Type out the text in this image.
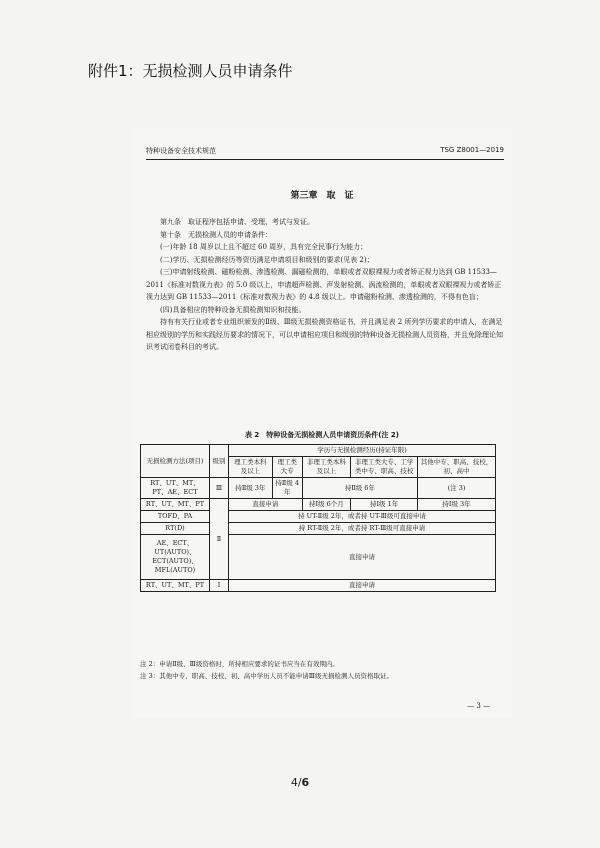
附件1：无损检测人员申请条件
特种设备安全技术规范	TSG Z8001—2019
第三章　取　证

第九条　取证程序包括申请、受理、考试与发证。

第十条　无损检测人员的申请条件：

(一)年龄 18 周岁以上且不超过 60 周岁，具有完全民事行为能力；

(二)学历、无损检测经历等资历满足申请项目和级别的要求(见表 2)；

(三)申请射线检测、磁粉检测、渗透检测、漏磁检测的，单眼或者双眼裸视力或者矫正视力达到 GB 11533—2011《标准对数视力表》的 5.0 级以上，申请超声检测、声发射检测、涡流检测的，单眼或者双眼裸视力或者矫正视力达到 GB 11533—2011《标准对数视力表》的 4.8 级以上。申请磁粉检测、渗透检测的，不得有色盲；

(四)具备相应的特种设备无损检测知识和技能。

持有有关行业或者专业组织颁发的Ⅱ级、Ⅲ级无损检测资格证书，并且满足表 2 所列学历要求的申请人，在满足相应级别的学历和实践经历要求的情况下，可以申请相应项目和级别的特种设备无损检测人员资格，并且免除理论知识考试闭卷科目的考试。

表 2　特种设备无损检测人员申请资历条件(注 2)
无损检测方法(项目)	级别	学历与无损检测经历(持证年限)				
		理工类本科及以上	理工类大专	非理工类本科及以上	非理工类大专、工学类中专、职高、技校	其他中专、职高、技校，初、高中
RT、UT、MT、PT、AE、ECT	Ⅲ	持Ⅱ级 3年	持Ⅱ级 4年	持Ⅱ级 6年		(注 3)
RT、UT、MT、PT	Ⅱ	直接申请		持Ⅰ级 6个月	持Ⅰ级 1年	持Ⅰ级 3年
TOFD、PA		持 UT-Ⅱ级 2年，或者持 UT-Ⅲ级可直接申请				
RT(D)		持 RT-Ⅱ级 2年，或者持 RT-Ⅲ级可直接申请				
AE、ECT、UT(AUTO)、ECT(AUTO)、MFL(AUTO)		直接申请				
RT、UT、MT、PT	Ⅰ	直接申请				

注 2：申请Ⅱ级、Ⅲ级资格时，所持相应要求的证书应当在有效期内。

注 3：其他中专、职高、技校、初、高中学历人员不能申请Ⅲ级无损检测人员资格取证。

— 3 —
4/6
